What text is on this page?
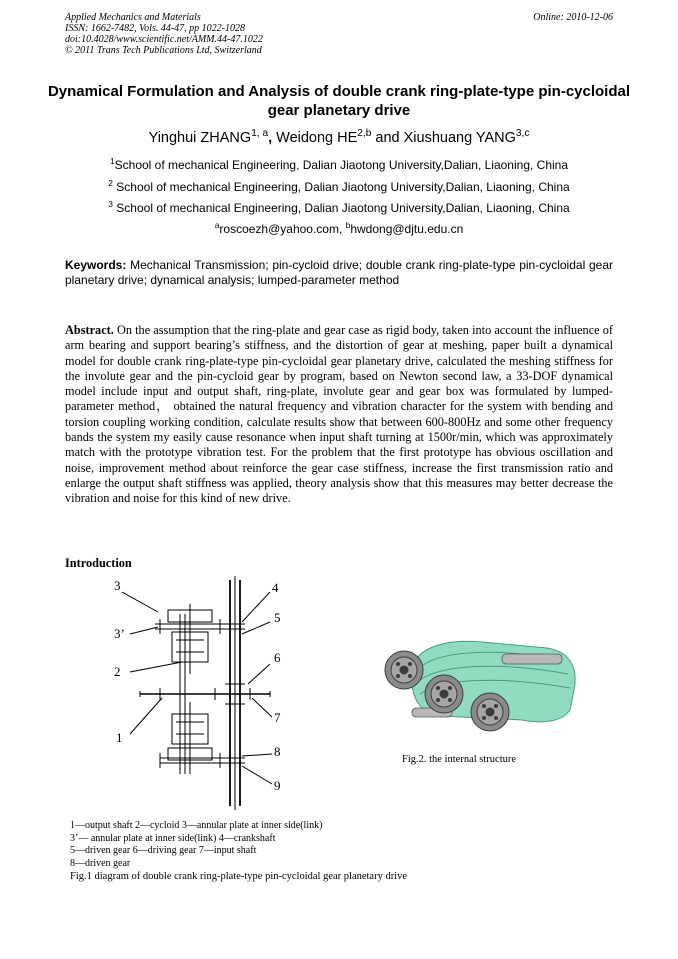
Applied Mechanics and Materials
ISSN: 1662-7482, Vols. 44-47, pp 1022-1028
doi:10.4028/www.scientific.net/AMM.44-47.1022
© 2011 Trans Tech Publications Ltd, Switzerland
Online: 2010-12-06
Dynamical Formulation and Analysis of double crank ring-plate-type pin-cycloidal gear planetary drive
Yinghui ZHANG$^{1, a}$, Weidong HE$^{2,b}$ and Xiushuang YANG$^{3,c}$
$^1$School of mechanical Engineering, Dalian Jiaotong University,Dalian, Liaoning, China
$^2$ School of mechanical Engineering, Dalian Jiaotong University,Dalian, Liaoning, China
$^3$ School of mechanical Engineering, Dalian Jiaotong University,Dalian, Liaoning, China
$^a$roscoezh@yahoo.com, $^b$hwdong@djtu.edu.cn
Keywords: Mechanical Transmission; pin-cycloid drive; double crank ring-plate-type pin-cycloidal gear planetary drive; dynamical analysis; lumped-parameter method
Abstract. On the assumption that the ring-plate and gear case as rigid body, taken into account the influence of arm bearing and support bearing’s stiffness, and the distortion of gear at meshing, paper built a dynamical model for double crank ring-plate-type pin-cycloidal gear planetary drive, calculated the meshing stiffness for the involute gear and the pin-cycloid gear by program, based on Newton second law, a 33-DOF dynamical model include input and output shaft, ring-plate, involute gear and gear box was formulated by lumped-parameter method， obtained the natural frequency and vibration character for the system with bending and torsion coupling working condition, calculate results show that between 600-800Hz and some other frequency bands the system my easily cause resonance when input shaft turning at 1500r/min, which was approximately match with the prototype vibration test. For the problem that the first prototype has obvious oscillation and noise, improvement method about reinforce the gear case stiffness, increase the first transmission ratio and enlarge the output shaft stiffness was applied, theory analysis show that this measures may better decrease the vibration and noise for this kind of new drive.
Introduction
3
3’
2
1
4
5
6
7
8
9
Fig.2. the internal structure
1—output shaft 2—cycloid 3—annular plate at inner side(link)
3’— annular plate at inner side(link) 4—crankshaft
5—driven gear 6—driving gear 7—input shaft
8—driven gear
Fig.1 diagram of double crank ring-plate-type pin-cycloidal gear planetary drive
